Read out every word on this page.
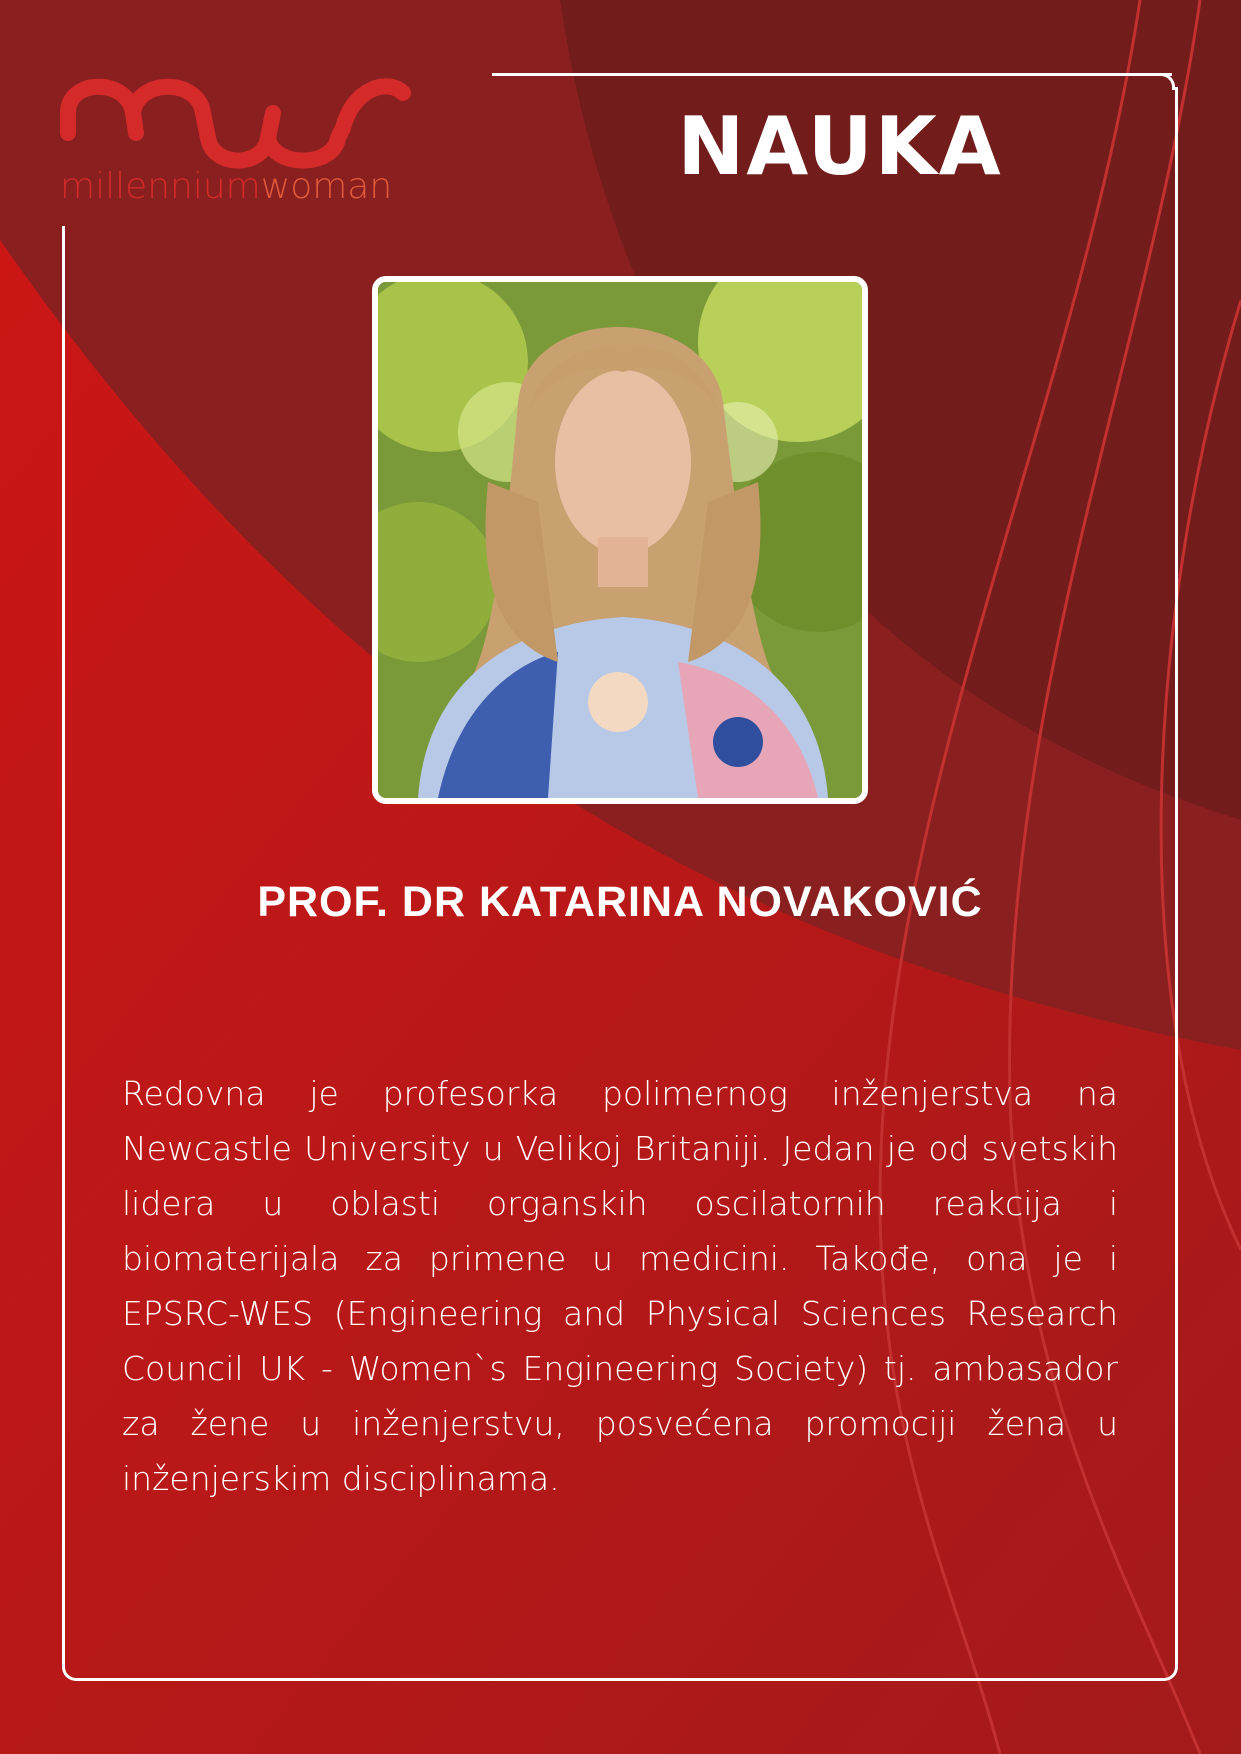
millenniumwoman	NAUKA
PROF. DR KATARINA NOVAKOVIĆ
Redovna je profesorka polimernog inženjerstva na Newcastle University u Velikoj Britaniji. Jedan je od svetskih lidera u oblasti organskih oscilatornih reakcija i biomaterijala za primene u medicini. Takođe, ona je i EPSRC-WES (Engineering and Physical Sciences Research Council UK - Women`s Engineering Society) tj. ambasador za žene u inženjerstvu, posvećena promociji žena u inženjerskim disciplinama.
